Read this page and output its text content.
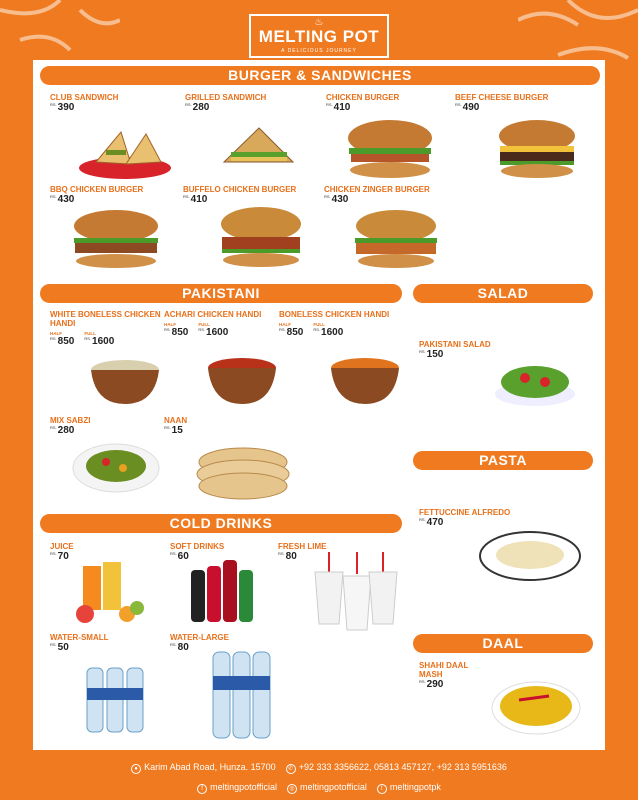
♨
MELTING POT
A DELICIOUS JOURNEY
BURGER & SANDWICHES
CLUB SANDWICH
RS. 390
GRILLED SANDWICH
RS. 280
CHICKEN BURGER
RS. 410
BEEF CHEESE BURGER
RS. 490
BBQ CHICKEN BURGER
RS. 430
BUFFELO CHICKEN BURGER
RS. 410
CHICKEN ZINGER BURGER
RS. 430
PAKISTANI
WHITE BONELESS CHICKEN HANDI
HALF
RS. 850
FULL
RS. 1600
ACHARI CHICKEN HANDI
HALF
RS. 850
FULL
RS. 1600
BONELESS CHICKEN HANDI
HALF
RS. 850
FULL
RS. 1600
MIX SABZI
RS. 280
NAAN
RS. 15
SALAD
PAKISTANI SALAD
RS. 150
PASTA
FETTUCCINE ALFREDO
RS. 470
COLD DRINKS
JUICE
RS. 70
SOFT DRINKS
RS. 60
FRESH LIME
RS. 80
WATER-SMALL
RS. 50
WATER-LARGE
RS. 80	DAAL
SHAHI DAAL MASH
RS. 290
● Karim Abad Road, Hunza. 15700	✆ +92 333 3356622, 05813 457127, +92 313 5951636
f meltingpotofficial	◎ meltingpotofficial	t meltingpotpk
